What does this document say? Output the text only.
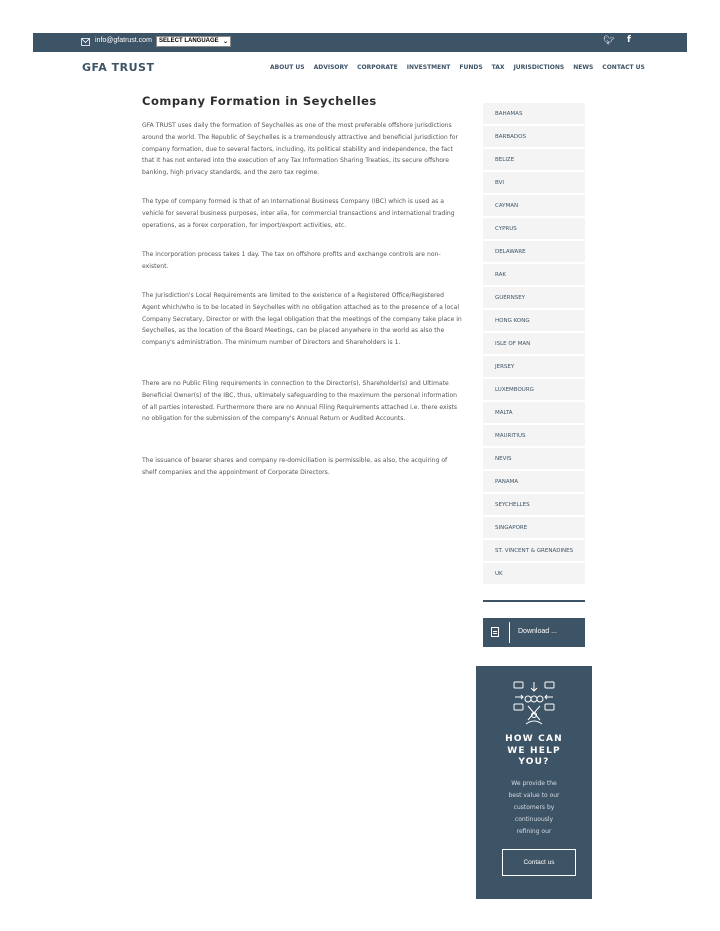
info@gfatrust.com	SELECT LANGUAGE ⌄	🐦︎ f
GFA TRUST	ABOUT US ADVISORY CORPORATE INVESTMENT FUNDS TAX JURISDICTIONS NEWS CONTACT US
Company Formation in Seychelles

GFA TRUST uses daily the formation of Seychelles as one of the most preferable offshore jurisdictions around the world. The Republic of Seychelles is a tremendously attractive and beneficial jurisdiction for company formation, due to several factors, including, its political stability and independence, the fact that it has not entered into the execution of any Tax Information Sharing Treaties, its secure offshore banking, high privacy standards, and the zero tax regime.

The type of company formed is that of an International Business Company (IBC) which is used as a vehicle for several business purposes, inter alia, for commercial transactions and international trading operations, as a forex corporation, for import/export activities, etc.

The incorporation process takes 1 day. The tax on offshore profits and exchange controls are non-existent.

The Jurisdiction's Local Requirements are limited to the existence of a Registered Office/Registered Agent which/who is to be located in Seychelles with no obligation attached as to the presence of a local Company Secretary, Director or with the legal obligation that the meetings of the company take place in Seychelles, as the location of the Board Meetings, can be placed anywhere in the world as also the company's administration. The minimum number of Directors and Shareholders is 1.

There are no Public Filing requirements in connection to the Director(s), Shareholder(s) and Ultimate Beneficial Owner(s) of the IBC, thus, ultimately safeguarding to the maximum the personal information of all parties interested. Furthermore there are no Annual Filing Requirements attached i.e. there exists no obligation for the submission of the company's Annual Return or Audited Accounts.

The issuance of bearer shares and company re-domiciliation is permissible, as also, the acquiring of shelf companies and the appointment of Corporate Directors.

BAHAMAS
BARBADOS
BELIZE
BVI
CAYMAN
CYPRUS
DELAWARE
RAK
GUERNSEY
HONG KONG
ISLE OF MAN
JERSEY
LUXEMBOURG
MALTA
MAURITIUS
NEVIS
PANAMA
SEYCHELLES
SINGAPORE
ST. VINCENT & GRENADINES
UK
Download ...
HOW CAN WE HELP YOU?
We provide the best value to our customers by continuously refining our
Contact us
